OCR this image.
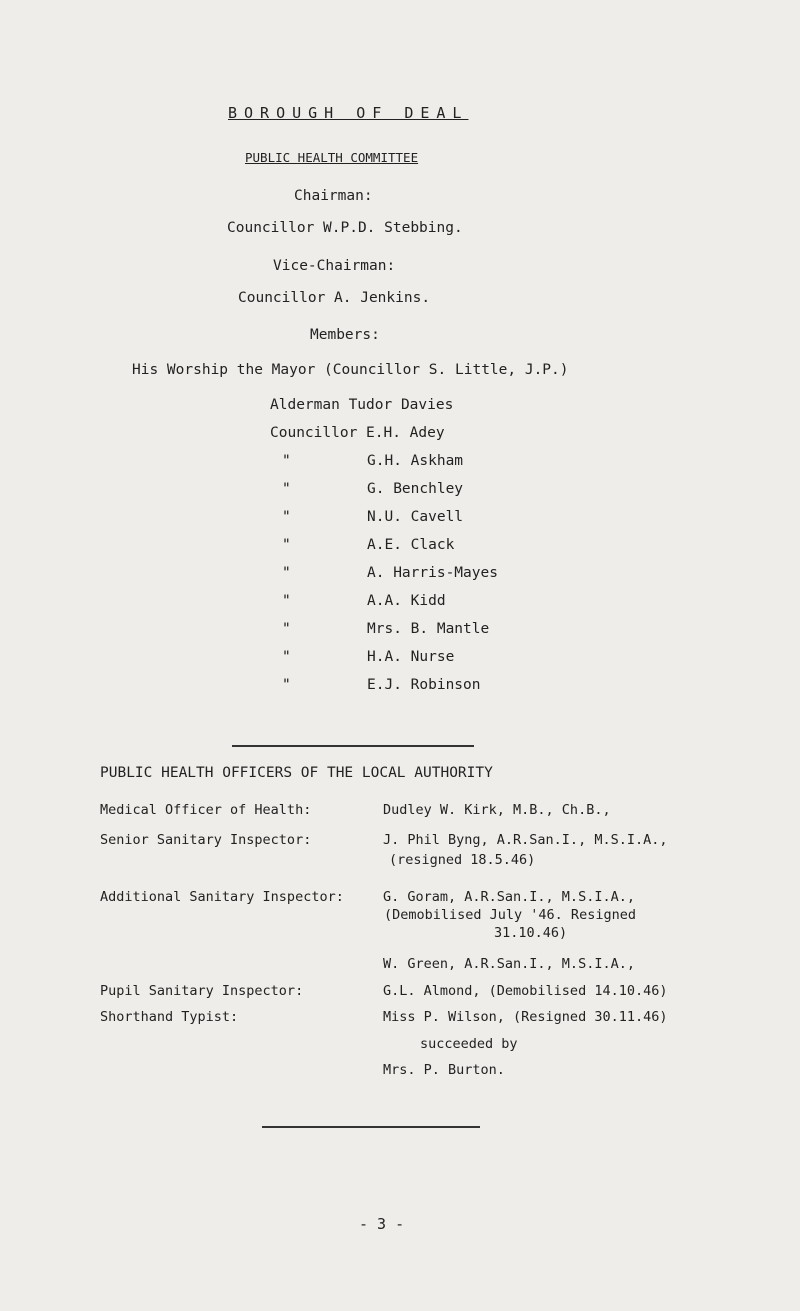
BOROUGH OF DEAL
PUBLIC HEALTH COMMITTEE
Chairman:
Councillor W.P.D. Stebbing.
Vice-Chairman:
Councillor A. Jenkins.
Members:
His Worship the Mayor (Councillor S. Little, J.P.)
Alderman Tudor Davies
Councillor E.H. Adey
"	G.H. Askham
"	G. Benchley
"	N.U. Cavell
"	A.E. Clack
"	A. Harris-Mayes
"	A.A. Kidd
"	Mrs. B. Mantle
"	H.A. Nurse
"	E.J. Robinson
PUBLIC HEALTH OFFICERS OF THE LOCAL AUTHORITY
Medical Officer of Health:	Dudley W. Kirk, M.B., Ch.B.,
Senior Sanitary Inspector:	J. Phil Byng, A.R.San.I., M.S.I.A.,
(resigned 18.5.46)
Additional Sanitary Inspector:	G. Goram, A.R.San.I., M.S.I.A.,
(Demobilised July '46. Resigned
31.10.46)
W. Green, A.R.San.I., M.S.I.A.,
Pupil Sanitary Inspector:	G.L. Almond, (Demobilised 14.10.46)
Shorthand Typist:	Miss P. Wilson, (Resigned 30.11.46)
succeeded by
Mrs. P. Burton.
- 3 -
